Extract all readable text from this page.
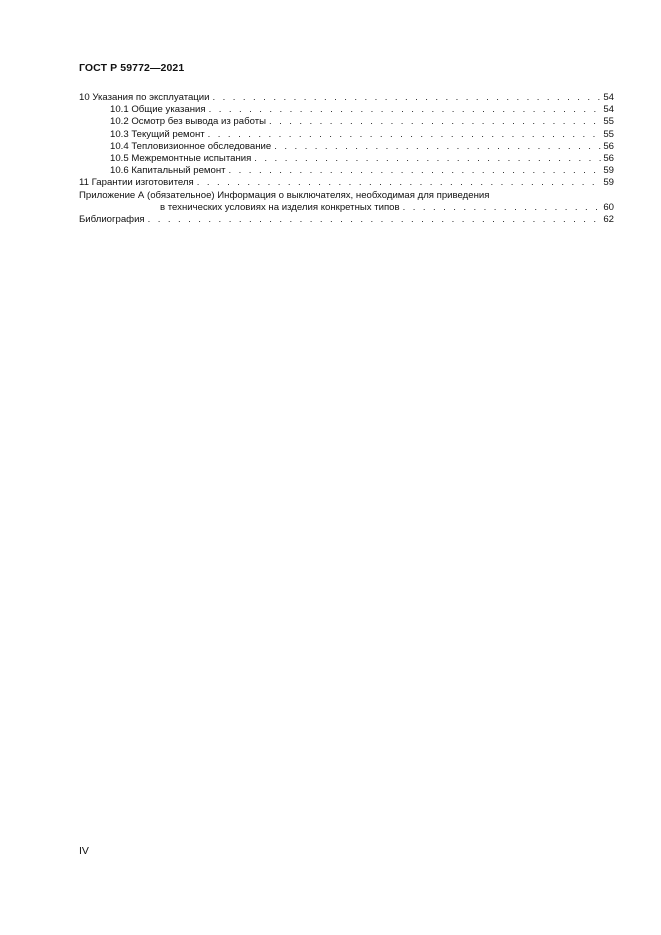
ГОСТ Р 59772—2021
10 Указания по эксплуатации . . .	54
10.1 Общие указания . . .	54
10.2 Осмотр без вывода из работы . . .	55
10.3 Текущий ремонт . . .	55
10.4 Тепловизионное обследование . . .	56
10.5 Межремонтные испытания . . .	56
10.6 Капитальный ремонт . . .	59
11 Гарантии изготовителя . . .	59
Приложение А (обязательное) Информация о выключателях, необходимая для приведения
в технических условиях на изделия конкретных типов . . .	60
Библиография . . .	62
IV
